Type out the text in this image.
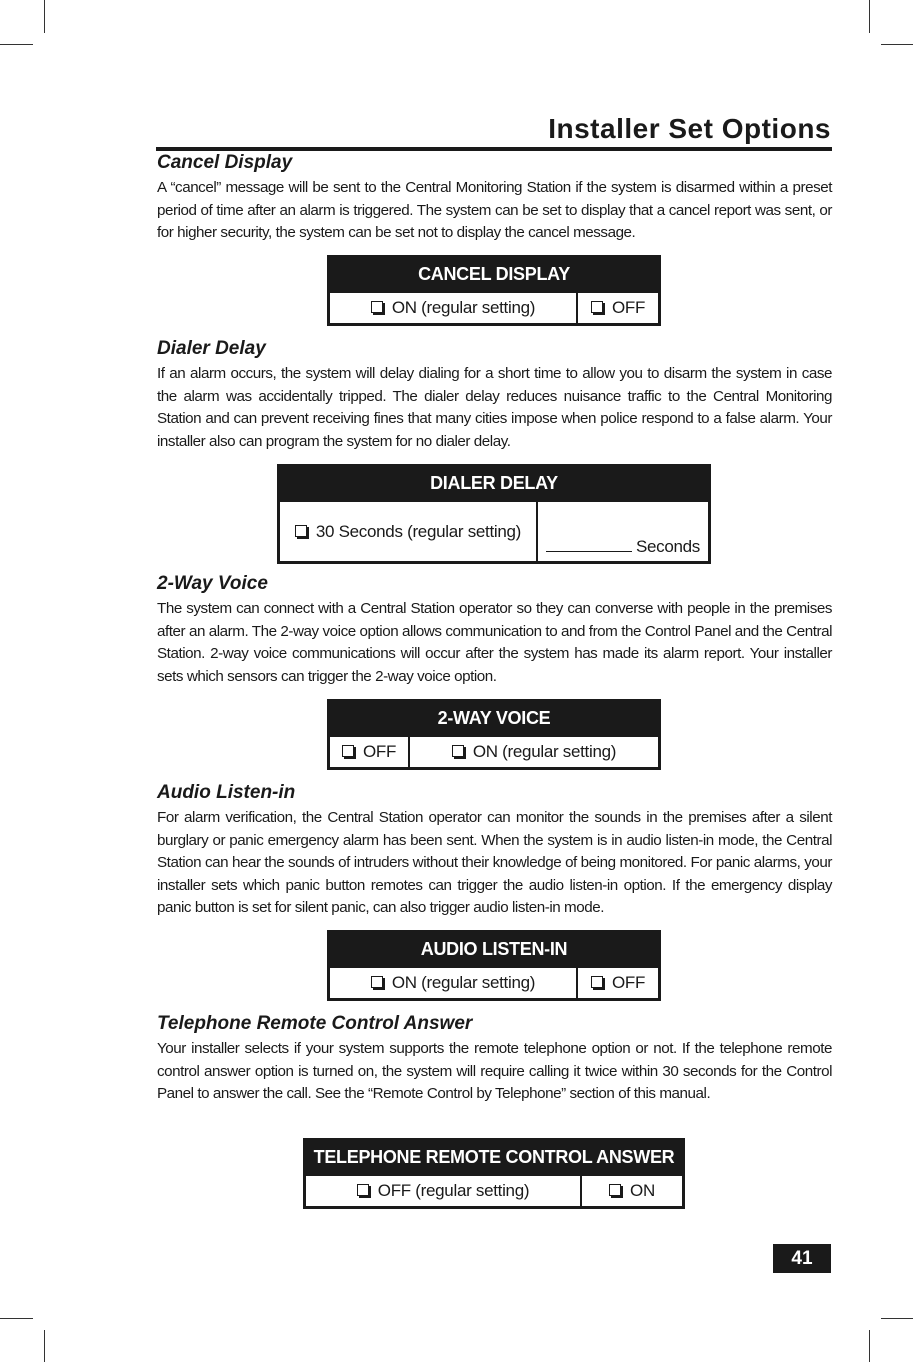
Installer Set Options
Cancel Display
A “cancel” message will be sent to the Central Monitoring Station if the system is disarmed within a preset period of time after an alarm is triggered. The system can be set to display that a cancel report was sent, or for higher security, the system can be set not to display the cancel message.
CANCEL DISPLAY
ON (regular setting)	OFF
Dialer Delay
If an alarm occurs, the system will delay dialing for a short time to allow you to disarm the system in case the alarm was accidentally tripped. The dialer delay reduces nuisance traffic to the Central Monitoring Station and can prevent receiving fines that many cities impose when police respond to a false alarm. Your installer also can program the system for no dialer delay.
DIALER DELAY
30 Seconds (regular setting)	Seconds
2-Way Voice
The system can connect with a Central Station operator so they can converse with people in the premises after an alarm. The 2-way voice option allows communication to and from the Control Panel and the Central Station. 2-way voice communications will occur after the system has made its alarm report. Your installer sets which sensors can trigger the 2-way voice option.
2-WAY VOICE
OFF	ON (regular setting)
Audio Listen-in
For alarm verification, the Central Station operator can monitor the sounds in the premises after a silent burglary or panic emergency alarm has been sent. When the system is in audio listen-in mode, the Central Station can hear the sounds of intruders without their knowledge of being monitored. For panic alarms, your installer sets which panic button remotes can trigger the audio listen-in option. If the emergency display panic button is set for silent panic, can also trigger audio listen-in mode.
AUDIO LISTEN-IN
ON (regular setting)	OFF
Telephone Remote Control Answer
Your installer selects if your system supports the remote telephone option or not. If the telephone remote control answer option is turned on, the system will require calling it twice within 30 seconds for the Control Panel to answer the call. See the “Remote Control by Telephone” section of this manual.
TELEPHONE REMOTE CONTROL ANSWER
OFF (regular setting)	ON
41
